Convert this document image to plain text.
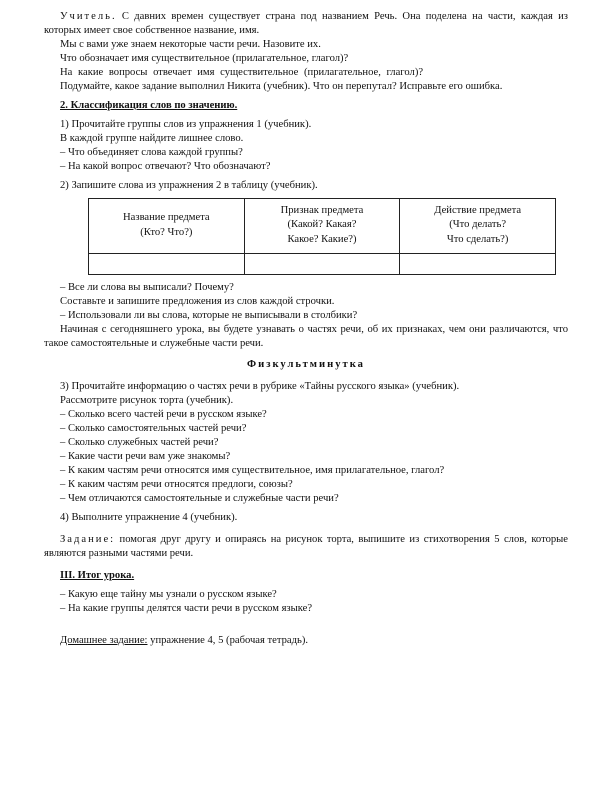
Учитель. С давних времен существует страна под названием Речь. Она поделена на части, каждая из которых имеет свое собственное название, имя.

Мы с вами уже знаем некоторые части речи. Назовите их.

Что обозначает имя существительное (прилагательное, глагол)?

На какие вопросы отвечает имя существительное (прилагательное, глагол)?

Подумайте, какое задание выполнил Никита (учебник). Что он перепутал? Исправьте его ошибка.

2. Классификация слов по значению.

1) Прочитайте группы слов из упражнения 1 (учебник).

В каждой группе найдите лишнее слово.

– Что объединяет слова каждой группы?

– На какой вопрос отвечают? Что обозначают?

2) Запишите слова из упражнения 2 в таблицу (учебник).

Название предмета
(Кто? Что?)	Признак предмета
(Какой? Какая?
Какое? Какие?)	Действие предмета
(Что делать?
Что сделать?)

– Все ли слова вы выписали? Почему?

Составьте и запишите предложения из слов каждой строчки.

– Использовали ли вы слова, которые не выписывали в столбики?

Начиная с сегодняшнего урока, вы будете узнавать о частях речи, об их признаках, чем они различаются, что такое самостоятельные и служебные части речи.

Физкультминутка

3) Прочитайте информацию о частях речи в рубрике «Тайны русского языка» (учебник).

Рассмотрите рисунок торта (учебник).

– Сколько всего частей речи в русском языке?

– Сколько самостоятельных частей речи?

– Сколько служебных частей речи?

– Какие части речи вам уже знакомы?

– К каким частям речи относятся имя существительное, имя прилагательное, глагол?

– К каким частям речи относятся предлоги, союзы?

– Чем отличаются самостоятельные и служебные части речи?

4) Выполните упражнение 4 (учебник).

Задание: помогая друг другу и опираясь на рисунок торта, выпишите из стихотворения 5 слов, которые являются разными частями речи.

III. Итог урока.

– Какую еще тайну мы узнали о русском языке?

– На какие группы делятся части речи в русском языке?

Домашнее задание: упражнение 4, 5 (рабочая тетрадь).
